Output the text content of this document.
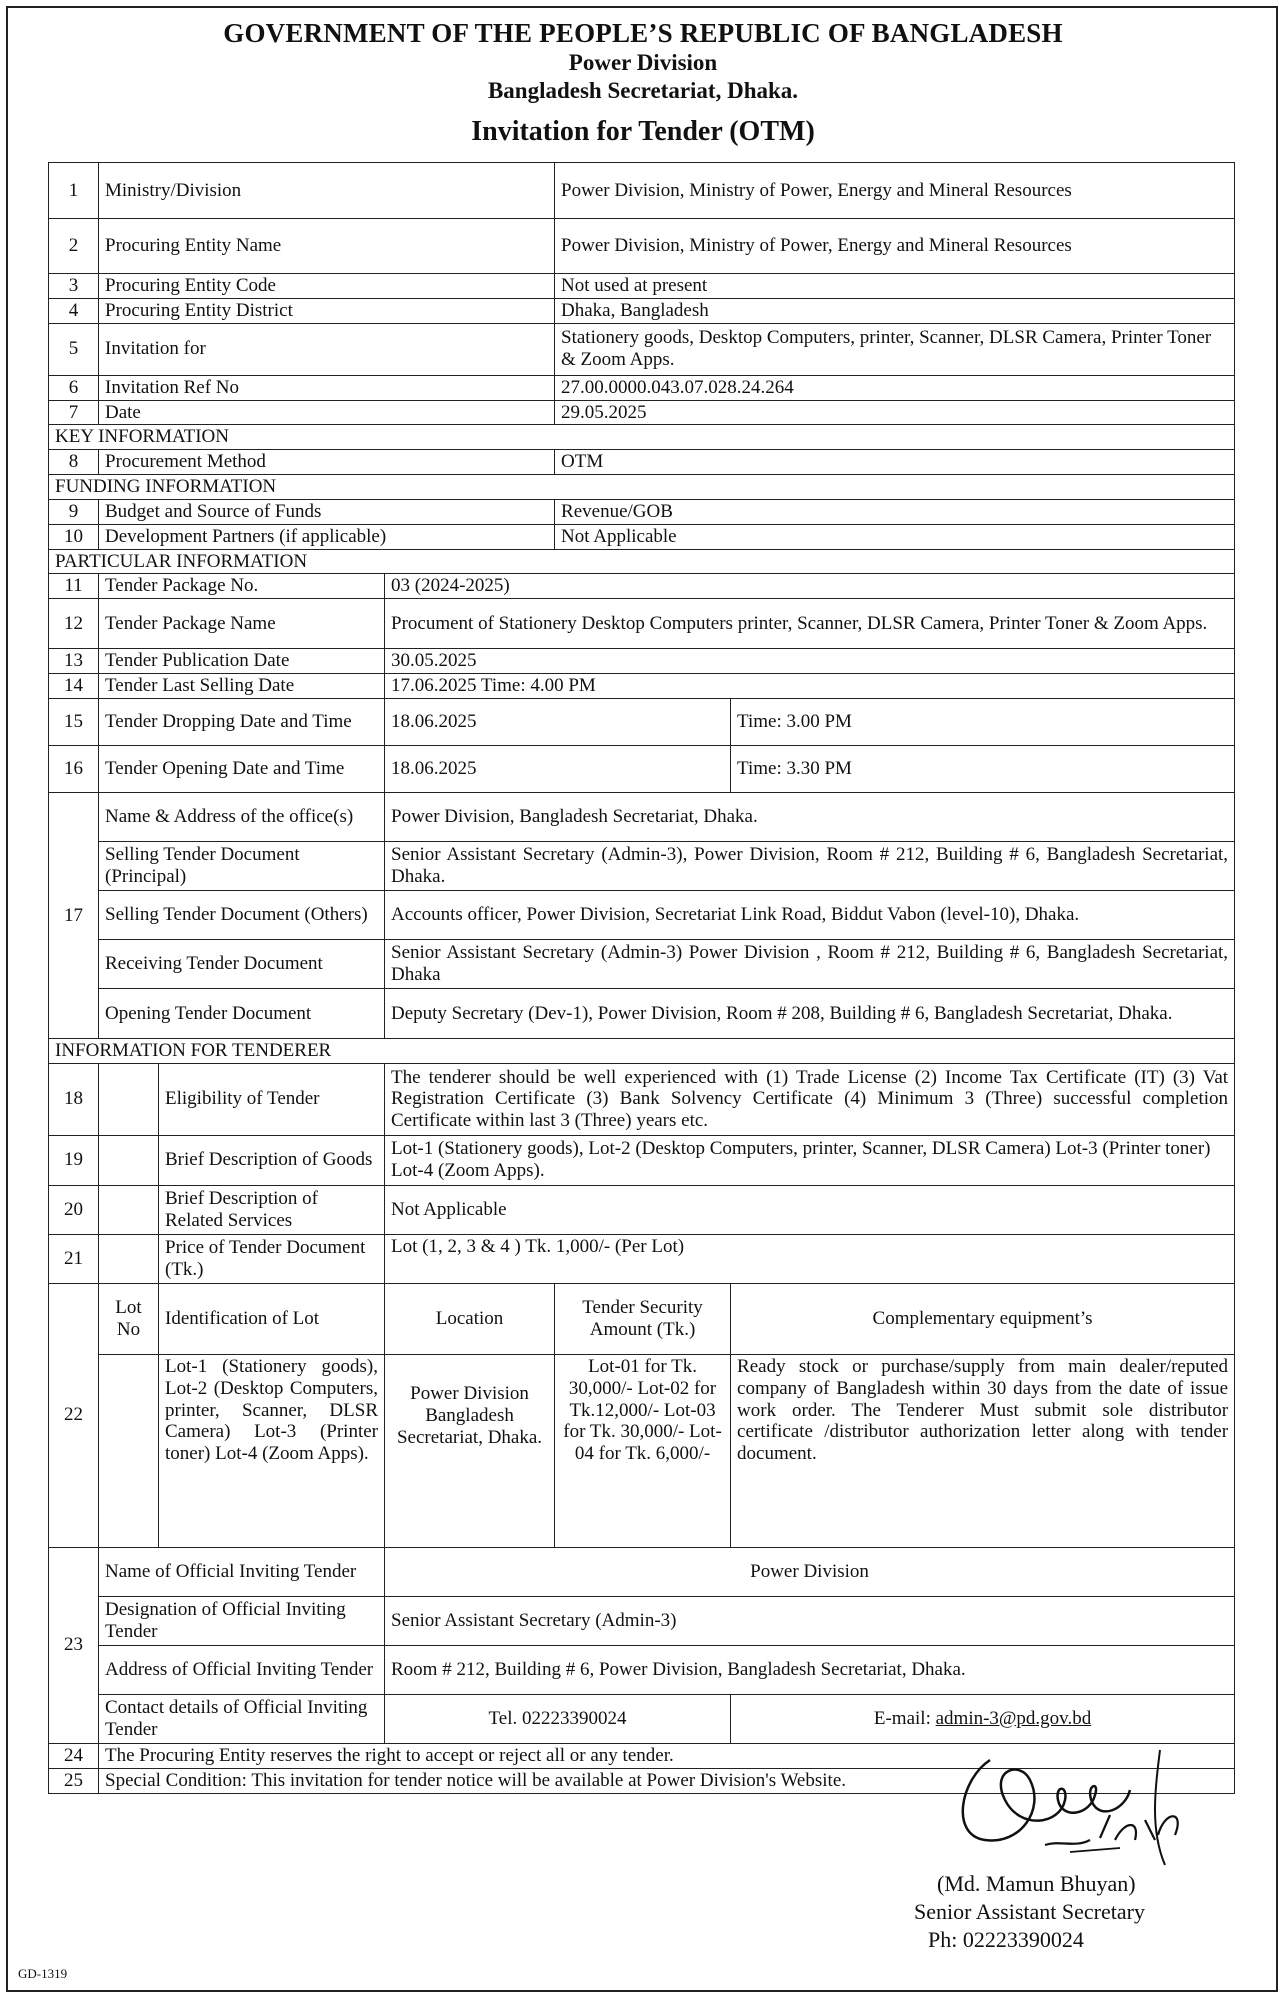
GOVERNMENT OF THE PEOPLE’S REPUBLIC OF BANGLADESH
Power Division
Bangladesh Secretariat, Dhaka.
Invitation for Tender (OTM)
1	Ministry/Division			Power Division, Ministry of Power, Energy and Mineral Resources	
2	Procuring Entity Name			Power Division, Ministry of Power, Energy and Mineral Resources	
3	Procuring Entity Code			Not used at present	
4	Procuring Entity District			Dhaka, Bangladesh	
5	Invitation for			Stationery goods, Desktop Computers, printer, Scanner, DLSR Camera, Printer Toner & Zoom Apps.	
6	Invitation Ref No			27.00.0000.043.07.028.24.264	
7	Date			29.05.2025	
KEY INFORMATION					
8	Procurement Method			OTM	
FUNDING INFORMATION					
9	Budget and Source of Funds			Revenue/GOB	
10	Development Partners (if applicable)			Not Applicable	
PARTICULAR INFORMATION					
11	Tender Package No.		03 (2024-2025)		
12	Tender Package Name		Procument of Stationery Desktop Computers printer, Scanner, DLSR Camera, Printer Toner & Zoom Apps.		
13	Tender Publication Date		30.05.2025		
14	Tender Last Selling Date		17.06.2025 Time: 4.00 PM		
15	Tender Dropping Date and Time		18.06.2025		Time: 3.00 PM
16	Tender Opening Date and Time		18.06.2025		Time: 3.30 PM
17	Name & Address of the office(s)		Power Division, Bangladesh Secretariat, Dhaka.		
	Selling Tender Document (Principal)		Senior Assistant Secretary (Admin-3), Power Division, Room # 212, Building # 6, Bangladesh Secretariat, Dhaka.		
	Selling Tender Document (Others)		Accounts officer, Power Division, Secretariat Link Road, Biddut Vabon (level-10), Dhaka.		
	Receiving Tender Document		Senior Assistant Secretary (Admin-3) Power Division , Room # 212, Building # 6, Bangladesh Secretariat, Dhaka		
	Opening Tender Document		Deputy Secretary (Dev-1), Power Division, Room # 208, Building # 6, Bangladesh Secretariat, Dhaka.		
INFORMATION FOR TENDERER					
18		Eligibility of Tender	The tenderer should be well experienced with (1) Trade License (2) Income Tax Certificate (IT) (3) Vat Registration Certificate (3) Bank Solvency Certificate (4) Minimum 3 (Three) successful completion Certificate within last 3 (Three) years etc.		
19		Brief Description of Goods	Lot-1 (Stationery goods), Lot-2 (Desktop Computers, printer, Scanner, DLSR Camera) Lot-3 (Printer toner) Lot-4 (Zoom Apps).		
20		Brief Description of Related Services	Not Applicable		
21		Price of Tender Document (Tk.)	Lot (1, 2, 3 & 4 ) Tk. 1,000/- (Per Lot)		
22	Lot No	Identification of Lot	Location	Tender Security Amount (Tk.)	Complementary equipment’s
		Lot-1 (Stationery goods), Lot-2 (Desktop Computers, printer, Scanner, DLSR Camera) Lot-3 (Printer toner) Lot-4 (Zoom Apps).	Power Division Bangladesh Secretariat, Dhaka.	Lot-01 for Tk. 30,000/- Lot-02 for Tk.12,000/- Lot-03 for Tk. 30,000/- Lot-04 for Tk. 6,000/-	Ready stock or purchase/supply from main dealer/reputed company of Bangladesh within 30 days from the date of issue work order. The Tenderer Must submit sole distributor certificate /distributor authorization letter along with tender document.
23	Name of Official Inviting Tender		Power Division		
	Designation of Official Inviting Tender		Senior Assistant Secretary (Admin-3)		
	Address of Official Inviting Tender		Room # 212, Building # 6, Power Division, Bangladesh Secretariat, Dhaka.		
	Contact details of Official Inviting Tender		Tel. 02223390024		E-mail: admin-3@pd.gov.bd
24	The Procuring Entity reserves the right to accept or reject all or any tender.				
25	Special Condition: This invitation for tender notice will be available at Power Division's Website.				
(Md. Mamun Bhuyan)
Senior Assistant Secretary
Ph: 02223390024
GD-1319
